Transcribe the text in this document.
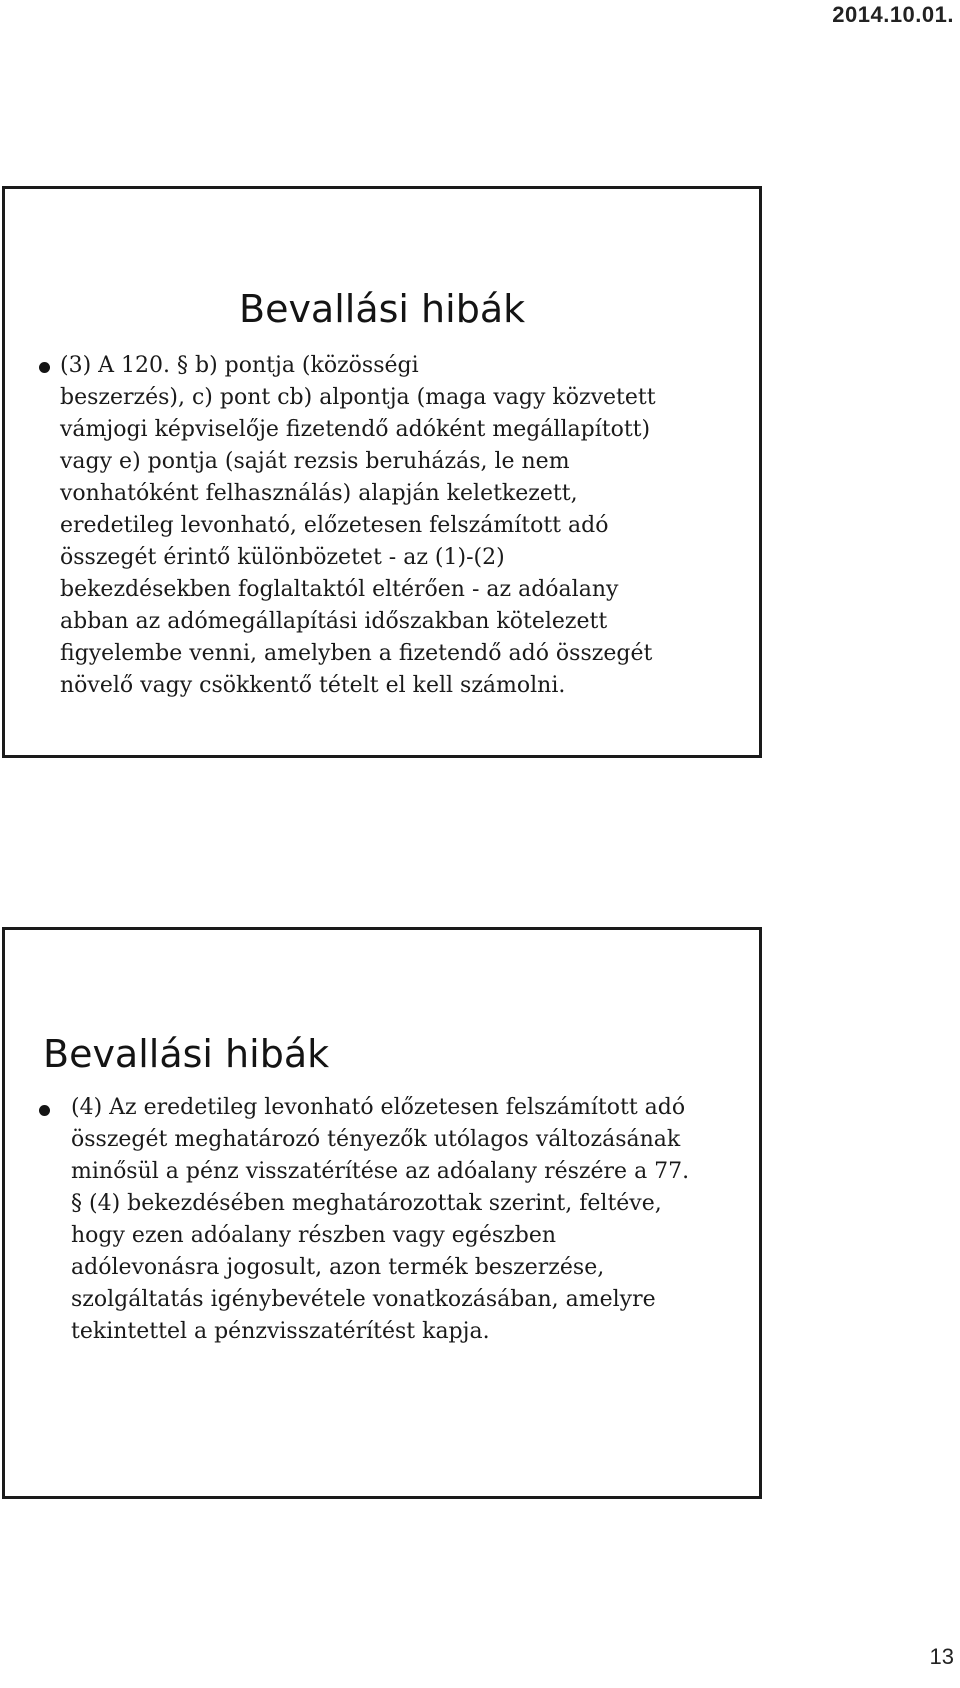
2014.10.01.
Bevallási hibák
(3) A 120. § b) pontja (közösségi
beszerzés), c) pont cb) alpontja (maga vagy közvetett
vámjogi képviselője fizetendő adóként megállapított)
vagy e) pontja (saját rezsis beruházás, le nem
vonhatóként felhasználás) alapján keletkezett,
eredetileg levonható, előzetesen felszámított adó
összegét érintő különbözetet - az (1)-(2)
bekezdésekben foglaltaktól eltérően - az adóalany
abban az adómegállapítási időszakban kötelezett
figyelembe venni, amelyben a fizetendő adó összegét
növelő vagy csökkentő tételt el kell számolni.
Bevallási hibák
(4) Az eredetileg levonható előzetesen felszámított adó
összegét meghatározó tényezők utólagos változásának
minősül a pénz visszatérítése az adóalany részére a 77.
§ (4) bekezdésében meghatározottak szerint, feltéve,
hogy ezen adóalany részben vagy egészben
adólevonásra jogosult, azon termék beszerzése,
szolgáltatás igénybevétele vonatkozásában, amelyre
tekintettel a pénzvisszatérítést kapja.
13
